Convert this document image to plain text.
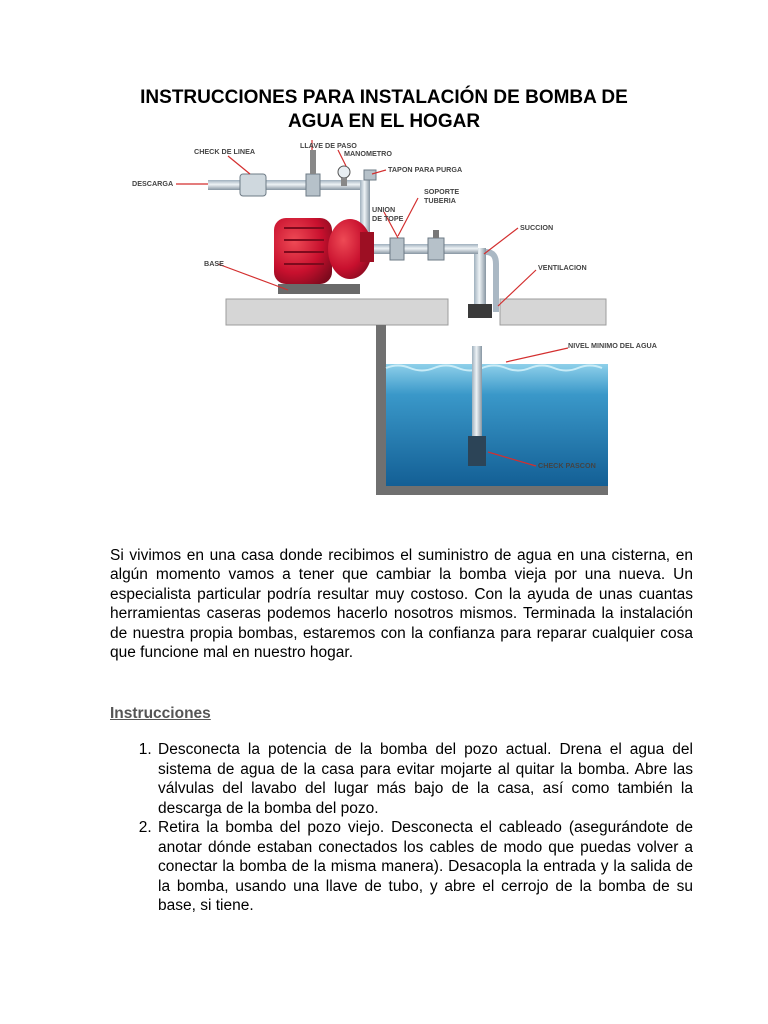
INSTRUCCIONES PARA INSTALACIÓN DE BOMBA DE
AGUA EN EL HOGAR
CHECK DE LINEA
LLAVE DE PASO
MANOMETRO
DESCARGA
TAPON PARA PURGA
SOPORTE
TUBERIA
UNION
DE TOPE
SUCCION
BASE	VENTILACION
NIVEL MINIMO DEL AGUA
CHECK PASCON

Si vivimos en una casa donde recibimos el suministro de agua en una cisterna, en algún momento vamos a tener que cambiar la bomba vieja por una nueva. Un especialista particular podría resultar muy costoso. Con la ayuda de unas cuantas herramientas caseras podemos hacerlo nosotros mismos. Terminada la instalación de nuestra propia bombas, estaremos con la confianza para reparar cualquier cosa que funcione mal en nuestro hogar.

Instrucciones
1. Desconecta la potencia de la bomba del pozo actual. Drena el agua del sistema de agua de la casa para evitar mojarte al quitar la bomba. Abre las válvulas del lavabo del lugar más bajo de la casa, así como también la descarga de la bomba del pozo.
2. Retira la bomba del pozo viejo. Desconecta el cableado (asegurándote de anotar dónde estaban conectados los cables de modo que puedas volver a conectar la bomba de la misma manera). Desacopla la entrada y la salida de la bomba, usando una llave de tubo, y abre el cerrojo de la bomba de su base, si tiene.
